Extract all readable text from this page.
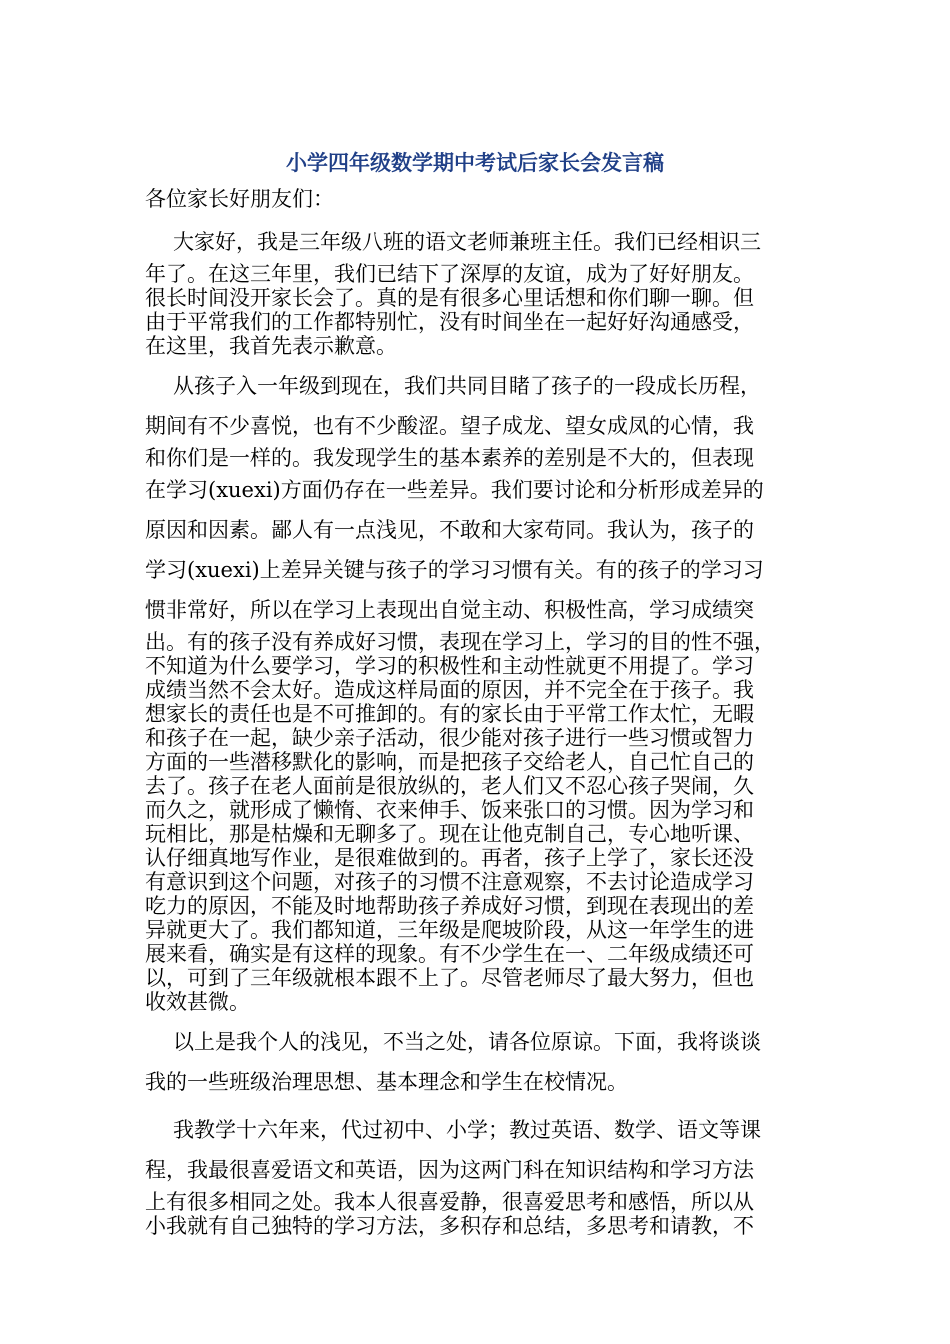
小学四年级数学期中考试后家长会发言稿
各位家长好朋友们：
大家好，我是三年级八班的语文老师兼班主任。我们已经相识三
年了。在这三年里，我们已结下了深厚的友谊，成为了好好朋友。
很长时间没开家长会了。真的是有很多心里话想和你们聊一聊。但
由于平常我们的工作都特别忙，没有时间坐在一起好好沟通感受，
在这里，我首先表示歉意。
从孩子入一年级到现在，我们共同目睹了孩子的一段成长历程，
期间有不少喜悦，也有不少酸涩。望子成龙、望女成凤的心情，我
和你们是一样的。我发现学生的基本素养的差别是不大的，但表现
在学习(xuexi)方面仍存在一些差异。我们要讨论和分析形成差异的
原因和因素。鄙人有一点浅见，不敢和大家苟同。我认为，孩子的
学习(xuexi)上差异关键与孩子的学习习惯有关。有的孩子的学习习
惯非常好，所以在学习上表现出自觉主动、积极性高，学习成绩突
出。有的孩子没有养成好习惯，表现在学习上，学习的目的性不强，
不知道为什么要学习，学习的积极性和主动性就更不用提了。学习
成绩当然不会太好。造成这样局面的原因，并不完全在于孩子。我
想家长的责任也是不可推卸的。有的家长由于平常工作太忙，无暇
和孩子在一起，缺少亲子活动，很少能对孩子进行一些习惯或智力
方面的一些潜移默化的影响，而是把孩子交给老人，自己忙自己的
去了。孩子在老人面前是很放纵的，老人们又不忍心孩子哭闹，久
而久之，就形成了懒惰、衣来伸手、饭来张口的习惯。因为学习和
玩相比，那是枯燥和无聊多了。现在让他克制自己，专心地听课、
认仔细真地写作业，是很难做到的。再者，孩子上学了，家长还没
有意识到这个问题，对孩子的习惯不注意观察，不去讨论造成学习
吃力的原因，不能及时地帮助孩子养成好习惯，到现在表现出的差
异就更大了。我们都知道，三年级是爬坡阶段，从这一年学生的进
展来看，确实是有这样的现象。有不少学生在一、二年级成绩还可
以，可到了三年级就根本跟不上了。尽管老师尽了最大努力，但也
收效甚微。
以上是我个人的浅见，不当之处，请各位原谅。下面，我将谈谈
我的一些班级治理思想、基本理念和学生在校情况。
我教学十六年来，代过初中、小学；教过英语、数学、语文等课
程，我最很喜爱语文和英语，因为这两门科在知识结构和学习方法
上有很多相同之处。我本人很喜爱静，很喜爱思考和感悟，所以从
小我就有自己独特的学习方法，多积存和总结，多思考和请教，不
